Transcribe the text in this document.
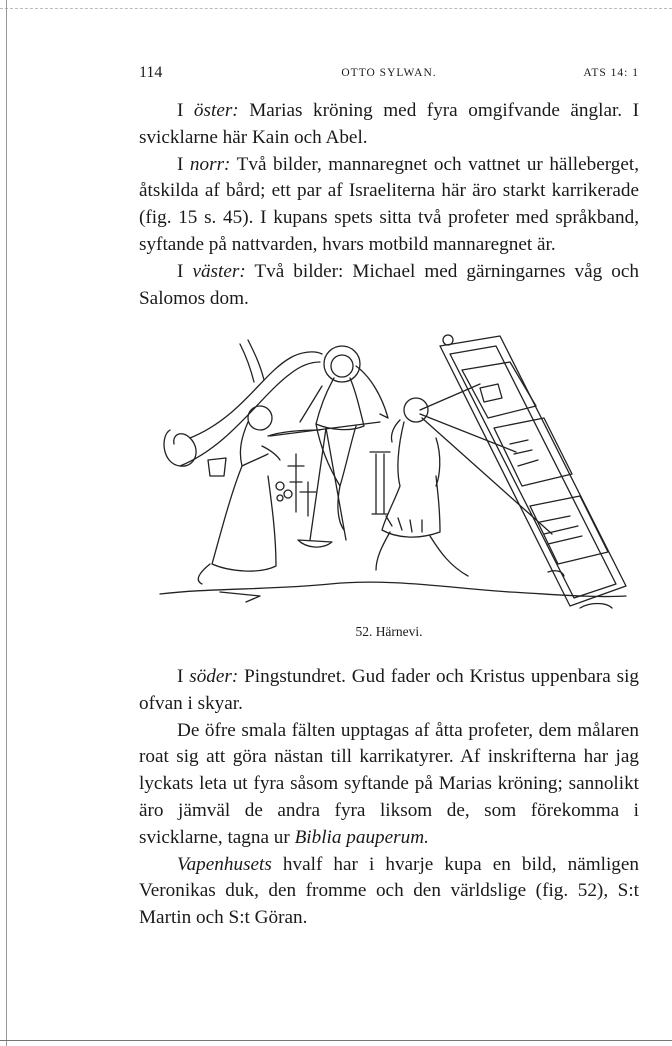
114	OTTO SYLWAN.	ATS 14: 1

I öster: Marias kröning med fyra omgifvande änglar. I svicklarne här Kain och Abel.

I norr: Två bilder, mannaregnet och vattnet ur hälleberget, åtskilda af bård; ett par af Israeliterna här äro starkt karrikerade (fig. 15 s. 45). I kupans spets sitta två profeter med språkband, syftande på nattvarden, hvars motbild mannaregnet är.

I väster: Två bilder: Michael med gärningarnes våg och Salomos dom.

52. Härnevi.

I söder: Pingstundret. Gud fader och Kristus uppenbara sig ofvan i skyar.

De öfre smala fälten upptagas af åtta profeter, dem målaren roat sig att göra nästan till karrikatyrer. Af inskrifterna har jag lyckats leta ut fyra såsom syftande på Marias kröning; sannolikt äro jämväl de andra fyra liksom de, som förekomma i svicklarne, tagna ur Biblia pauperum.

Vapenhusets hvalf har i hvarje kupa en bild, nämligen Veronikas duk, den fromme och den världslige (fig. 52), S:t Martin och S:t Göran.
